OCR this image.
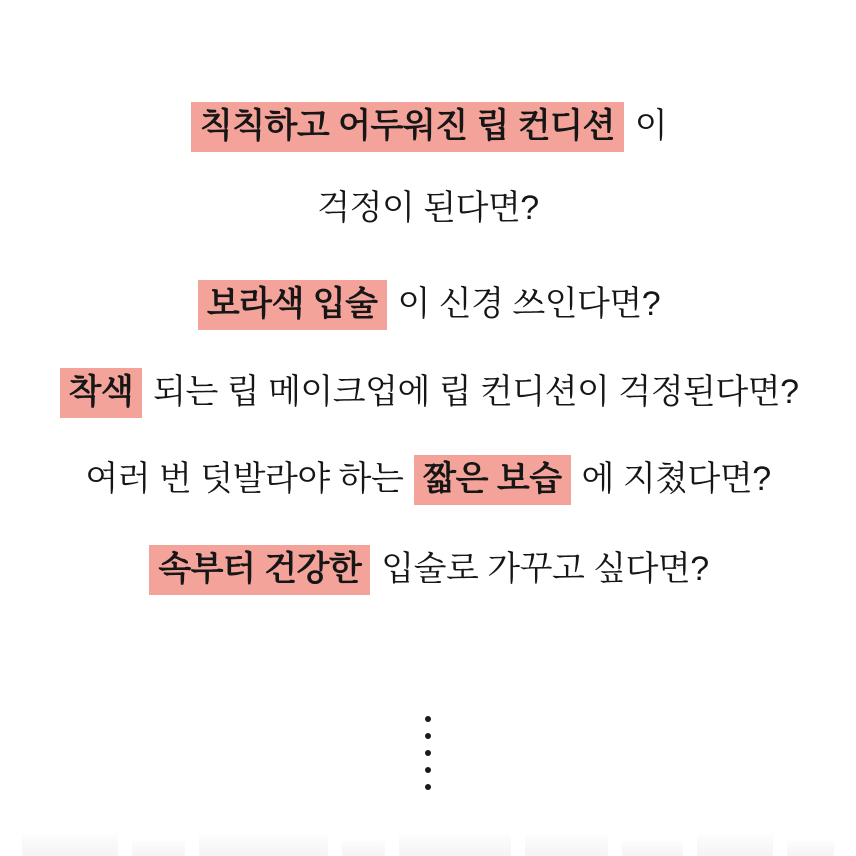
칙칙하고 어두워진 립 컨디션 이
걱정이 된다면?
보라색 입술 이 신경 쓰인다면?
착색 되는 립 메이크업에 립 컨디션이 걱정된다면?
여러 번 덧발라야 하는 짧은 보습 에 지쳤다면?
속부터 건강한 입술로 가꾸고 싶다면?
